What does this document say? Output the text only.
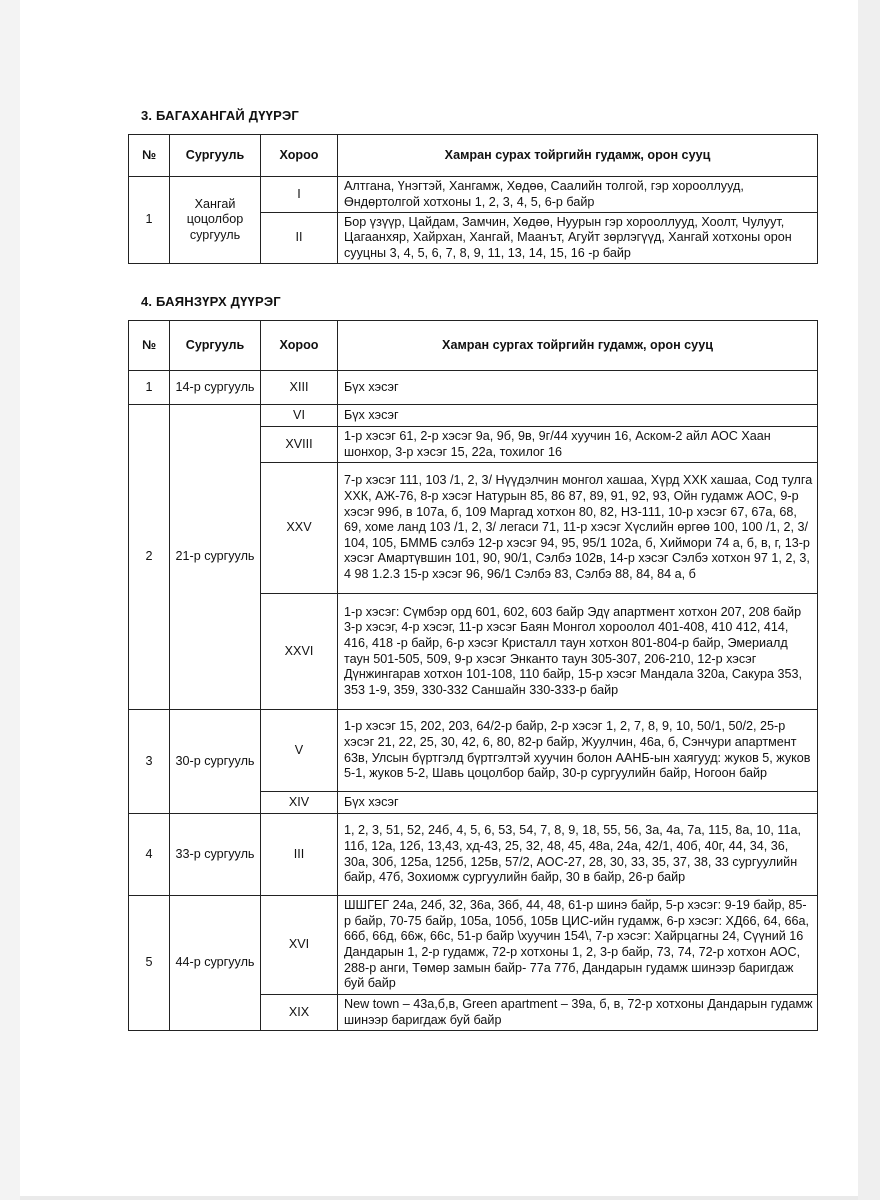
3. БАГАХАНГАЙ ДҮҮРЭГ
№	Сургууль	Хороо	Хамран сурах тойргийн гудамж, орон сууц
1	Хангай цоцолбор сургууль	I	Алтгана, Үнэгтэй, Хангамж, Хөдөө, Саалийн толгой, гэр хорооллууд, Өндөртолгой хотхоны 1, 2, 3, 4, 5, 6-р байр
		II	Бор үзүүр, Цайдам, Замчин, Хөдөө, Нуурын гэр хорооллууд, Хоолт, Чулуут, Цагаанхяр, Хайрхан, Хангай, Маанът, Агуйт зөрлэгүүд, Хангай хотхоны орон сууцны 3, 4, 5, 6, 7, 8, 9, 11, 13, 14, 15, 16 -р байр
4. БАЯНЗҮРХ ДҮҮРЭГ
№	Сургууль	Хороо	Хамран сургах тойргийн гудамж, орон сууц
1	14-р сургууль	XIII	Бүх хэсэг
2	21-р сургууль	VI	Бүх хэсэг
		XVIII	1-р хэсэг 61, 2-р хэсэг 9а, 9б, 9в, 9г/44 хуучин 16, Аском-2 айл АОС Хаан шонхор, 3-р хэсэг 15, 22а, тохилог 16
		XXV	7-р хэсэг 111, 103 /1, 2, 3/ Нүүдэлчин монгол хашаа, Хүрд ХХК хашаа, Сод тулга ХХК, АЖ-76, 8-р хэсэг Натурын 85, 86 87, 89, 91, 92, 93, Ойн гудамж АОС, 9-р хэсэг 99б, в 107а, б, 109 Маргад хотхон 80, 82, НЗ-111, 10-р хэсэг 67, 67а, 68, 69, хоме ланд 103 /1, 2, 3/ легаси 71, 11-р хэсэг Хүслийн өргөө 100, 100 /1, 2, 3/ 104, 105, БММБ сэлбэ 12-р хэсэг 94, 95, 95/1 102а, б, Хиймори 74 а, б, в, г, 13-р хэсэг Амартүвшин 101, 90, 90/1, Сэлбэ 102в, 14-р хэсэг Сэлбэ хотхон 97 1, 2, 3, 4 98 1.2.3 15-р хэсэг 96, 96/1 Сэлбэ 83, Сэлбэ 88, 84, 84 а, б
		XXVI	1-р хэсэг: Сүмбэр орд 601, 602, 603 байр Эдү апартмент хотхон 207, 208 байр 3-р хэсэг, 4-р хэсэг, 11-р хэсэг Баян Монгол хороолол 401-408, 410 412, 414, 416, 418 -р байр, 6-р хэсэг Кристалл таун хотхон 801-804-р байр, Эмериалд таун 501-505, 509, 9-р хэсэг Энканто таун 305-307, 206-210, 12-р хэсэг Дүнжингарав хотхон 101-108, 110 байр, 15-р хэсэг Мандала 320а, Сакура 353, 353 1-9, 359, 330-332 Саншайн 330-333-р байр
3	30-р сургууль	V	1-р хэсэг 15, 202, 203, 64/2-р байр, 2-р хэсэг 1, 2, 7, 8, 9, 10, 50/1, 50/2, 25-р хэсэг 21, 22, 25, 30, 42, 6, 80, 82-р байр, Жуулчин, 46а, б, Сэнчури апартмент 63в, Улсын бүртгэлд бүртгэлтэй хуучин болон ААНБ-ын хаягууд: жуков 5, жуков 5-1, жуков 5-2, Шавь цоцолбор байр, 30-р сургуулийн байр, Ногоон байр
		XIV	Бүх хэсэг
4	33-р сургууль	III	1, 2, 3, 51, 52, 24б, 4, 5, 6, 53, 54, 7, 8, 9, 18, 55, 56, 3а, 4а, 7а, 115, 8а, 10, 11а, 11б, 12а, 12б, 13,43, хд-43, 25, 32, 48, 45, 48а, 24а, 42/1, 40б, 40г, 44, 34, 36, 30а, 30б, 125а, 125б, 125в, 57/2, АОС-27, 28, 30, 33, 35, 37, 38, 33 сургуулийн байр, 47б, Зохиомж сургуулийн байр, 30 в байр, 26-р байр
5	44-р сургууль	XVI	ШШГЕГ 24а, 24б, 32, 36а, 36б, 44, 48, 61-р шинэ байр, 5-р хэсэг: 9-19 байр, 85-р байр, 70-75 байр, 105а, 105б, 105в ЦИС-ийн гудамж, 6-р хэсэг: ХД66, 64, 66а, 66б, 66д, 66ж, 66с, 51-р байр \хуучин 154\, 7-р хэсэг: Хайрцагны 24, Сүүний 16 Дандарын 1, 2-р гудамж, 72-р хотхоны 1, 2, 3-р байр, 73, 74, 72-р хотхон АОС, 288-р анги, Төмөр замын байр- 77а 77б, Дандарын гудамж шинээр баригдаж буй байр
		XIX	New town – 43а,б,в, Green apartment – 39а, б, в, 72-р хотхоны Дандарын гудамж шинээр баригдаж буй байр
